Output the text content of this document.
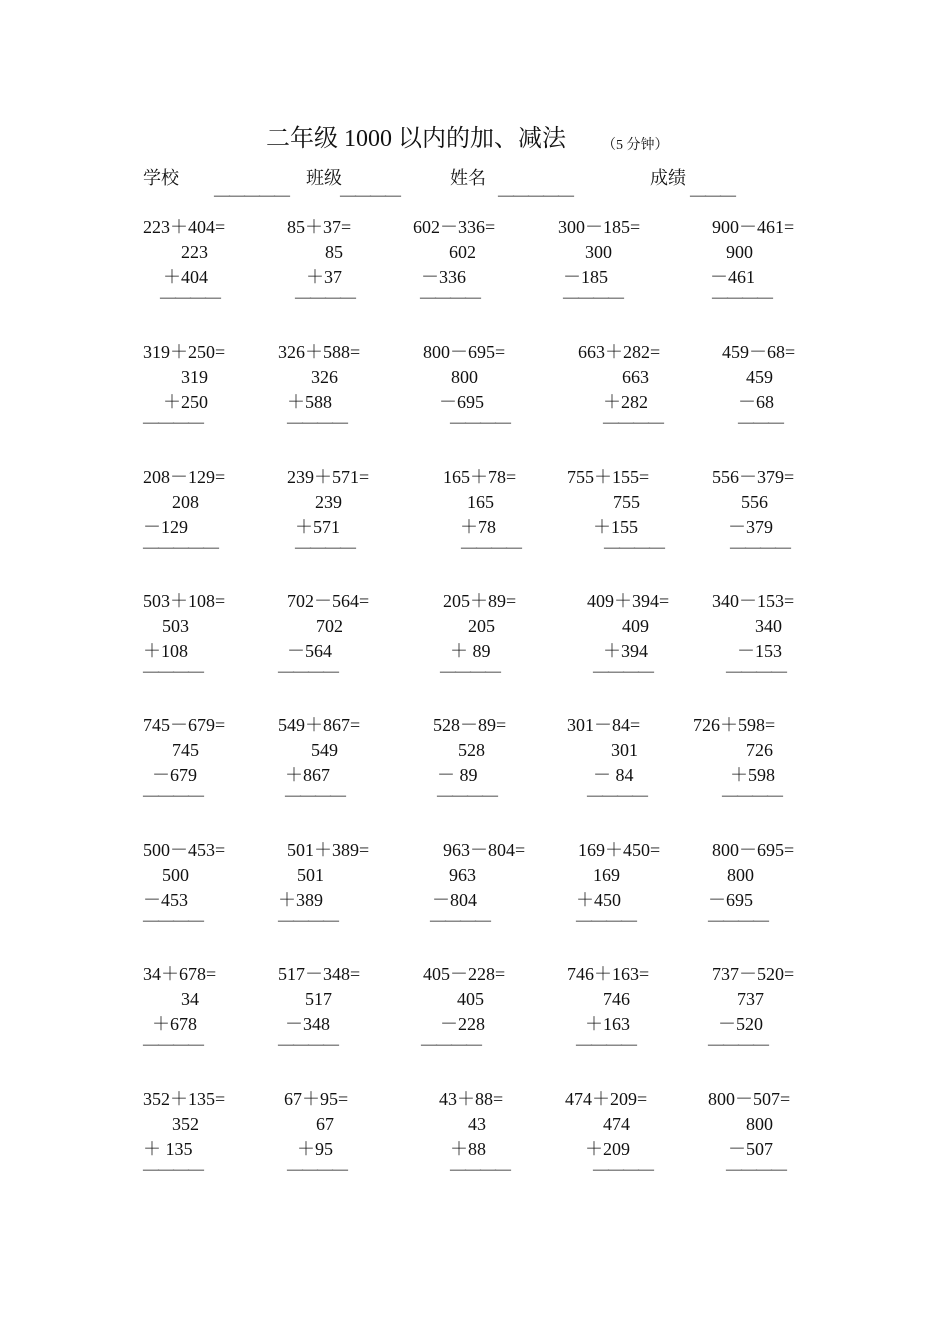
二年级 1000 以内的加、减法	（5 分钟）
学校	班级	姓名	成绩
—————	————	—————	———
223＋404=
223
＋404
————
85＋37=
85
＋37
————
602－336=
602
－336
————
300－185=
300
－185
————
900－461=
900
－461
————
319＋250=
319
＋250
————
326＋588=
326
＋588
————
800－695=
800
－695
————
663＋282=
663
＋282
————
459－68=
459
－68
———
208－129=
208
－129
—————
239＋571=
239
＋571
————
165＋78=
165
＋78
————
755＋155=
755
＋155
————
556－379=
556
－379
————
503＋108=
503
＋108
————
702－564=
702
－564
————
205＋89=
205
＋ 89
————
409＋394=
409
＋394
————
340－153=
340
－153
————
745－679=
745
－679
————
549＋867=
549
＋867
————
528－89=
528
－ 89
————
301－84=
301
－ 84
————
726＋598=
726
＋598
————
500－453=
500
－453
————
501＋389=
501
＋389
————
963－804=
963
－804
————
169＋450=
169
＋450
————
800－695=
800
－695
————
34＋678=
34
＋678
————
517－348=
517
－348
————
405－228=
405
－228
————
746＋163=
746
＋163
————
737－520=
737
－520
————
352＋135=
352
＋ 135
————
67＋95=
67
＋95
————
43＋88=
43
＋88
————
474＋209=
474
＋209
————
800－507=
800
－507
————
